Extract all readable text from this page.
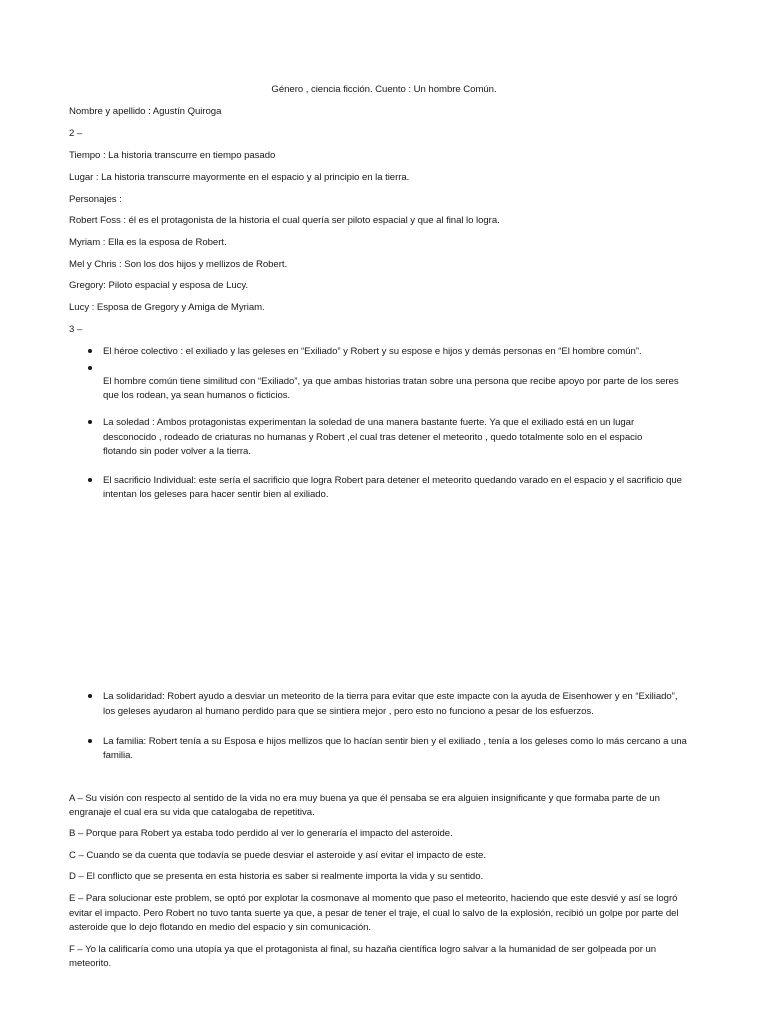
Género , ciencia ficción. Cuento : Un hombre Común.
Nombre y apellido : Agustín Quiroga
2 –
Tiempo : La historia transcurre en tiempo pasado
Lugar : La historia transcurre mayormente en el espacio y al principio en la tierra.
Personajes :
Robert Foss : él es el protagonista de la historia el cual quería ser piloto espacial y que al final lo logra.
Myriam : Ella es la esposa de Robert.
Mel y Chris : Son los dos hijos y mellizos de Robert.
Gregory: Piloto espacial y esposa de Lucy.
Lucy : Esposa de Gregory y Amiga de Myriam.
3 –
El héroe colectivo : el exiliado y las geleses en “Exiliado” y Robert y su espose e hijos y demás personas en “El hombre común”.
El hombre común tiene similitud con “Exiliado”, ya que ambas historias tratan sobre una persona que recibe apoyo por parte de los seres
que los rodean, ya sean humanos o ficticios.
La soledad : Ambos protagonistas experimentan la soledad de una manera bastante fuerte. Ya que el exiliado está en un lugar
desconocido , rodeado de criaturas no humanas y Robert ,el cual tras detener el meteorito , quedo totalmente solo en el espacio
flotando sin poder volver a la tierra.
El sacrificio Individual: este sería el sacrificio que logra Robert para detener el meteorito quedando varado en el espacio y el sacrificio que
intentan los geleses para hacer sentir bien al exiliado.
La solidaridad: Robert ayudo a desviar un meteorito de la tierra para evitar que este impacte con la ayuda de Eisenhower y en “Exiliado”,
los geleses ayudaron al humano perdido para que se sintiera mejor , pero esto no funciono a pesar de los esfuerzos.
La familia: Robert tenía a su Esposa e hijos mellizos que lo hacían sentir bien y el exiliado , tenía a los geleses como lo más cercano a una
familia.
A – Su visión con respecto al sentido de la vida no era muy buena ya que él pensaba se era alguien insignificante y que formaba parte de un
engranaje el cual era su vida que catalogaba de repetitiva.
B – Porque para Robert ya estaba todo perdido al ver lo generaría el impacto del asteroide.
C – Cuando se da cuenta que todavía se puede desviar el asteroide y así evitar el impacto de este.
D – El conflicto que se presenta en esta historia es saber si realmente importa la vida y su sentido.
E – Para solucionar este problem, se optó por explotar la cosmonave al momento que paso el meteorito, haciendo que este desvié y así se logró
evitar el impacto. Pero Robert no tuvo tanta suerte ya que, a pesar de tener el traje, el cual lo salvo de la explosión, recibió un golpe por parte del
asteroide que lo dejo flotando en medio del espacio y sin comunicación.
F – Yo la calificaría como una utopía ya que el protagonista al final, su hazaña científica logro salvar a la humanidad de ser golpeada por un
meteorito.
